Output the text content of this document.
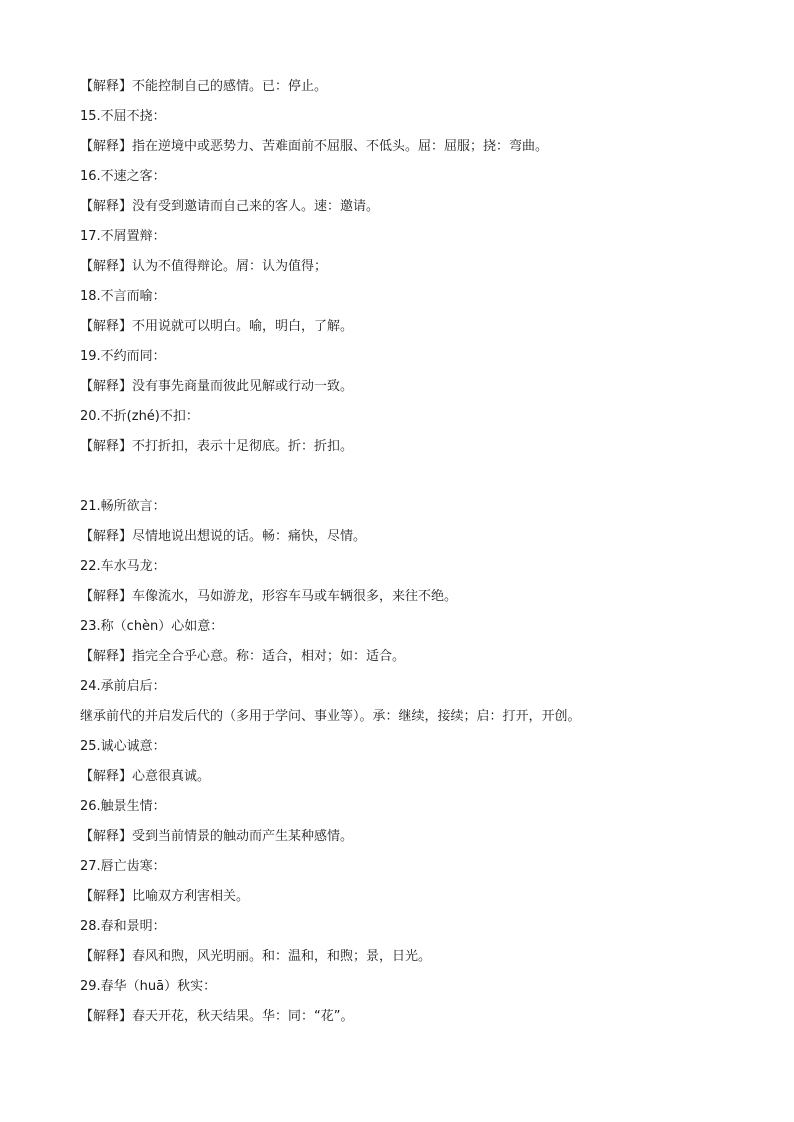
【解释】不能控制自己的感情。已：停止。
15.不屈不挠：
【解释】指在逆境中或恶势力、苦难面前不屈服、不低头。屈：屈服；挠：弯曲。
16.不速之客：
【解释】没有受到邀请而自己来的客人。速：邀请。
17.不屑置辩：
【解释】认为不值得辩论。屑：认为值得；
18.不言而喻：
【解释】不用说就可以明白。喻，明白，了解。
19.不约而同：
【解释】没有事先商量而彼此见解或行动一致。
20.不折(zhé)不扣：
【解释】不打折扣，表示十足彻底。折：折扣。
21.畅所欲言：
【解释】尽情地说出想说的话。畅：痛快，尽情。
22.车水马龙：
【解释】车像流水，马如游龙，形容车马或车辆很多，来往不绝。
23.称（chèn）心如意：
【解释】指完全合乎心意。称：适合，相对；如：适合。
24.承前启后：
继承前代的并启发后代的（多用于学问、事业等）。承：继续，接续；启：打开，开创。
25.诚心诚意：
【解释】心意很真诚。
26.触景生情：
【解释】受到当前情景的触动而产生某种感情。
27.唇亡齿寒：
【解释】比喻双方利害相关。
28.春和景明：
【解释】春风和煦，风光明丽。和：温和，和煦；景，日光。
29.春华（huā）秋实：
【解释】春天开花，秋天结果。华：同：“花”。
